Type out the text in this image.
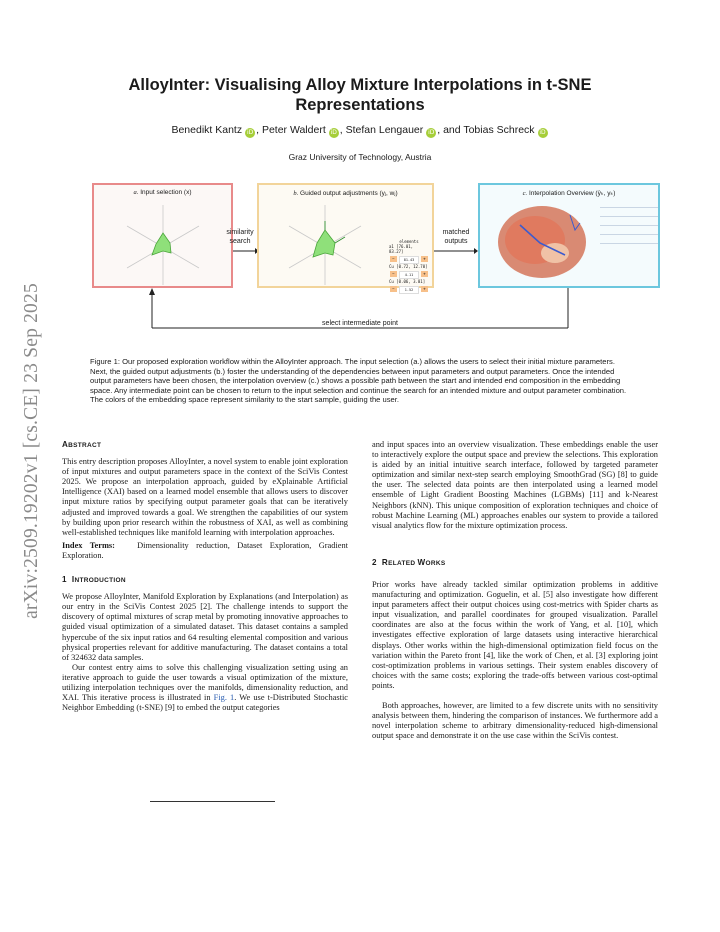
arXiv:2509.19202v1 [cs.CE] 23 Sep 2025
AlloyInter: Visualising Alloy Mixture Interpolations in t-SNE Representations
Benedikt Kantz iD , Peter Waldert iD , Stefan Lengauer iD , and Tobias Schreck iD
Graz University of Technology, Austria
a. Input selection (x)
similarity
search
b. Guided output adjustments (yⱼ, wⱼ)
elements
a1 [76.01, 83.27]
−	81.43	+
Cu [0.72, 12.70]
−	4.11	+
Cu [0.06, 3.01]
−	1.52	+
matched
outputs
c. Interpolation Overview (ŷₖ, yₖ)
select intermediate point
Figure 1: Our proposed exploration workflow within the AlloyInter approach. The input selection (a.) allows the users to select their initial mixture parameters. Next, the guided output adjustments (b.) foster the understanding of the dependencies between input parameters and output parameters. Once the intended output parameters have been chosen, the interpolation overview (c.) shows a possible path between the start and intended end composition in the embedding space. Any intermediate point can be chosen to return to the input selection and continue the search for an intended mixture and output parameter combination. The colors of the embedding space represent similarity to the start sample, guiding the user.
ABSTRACT

This entry description proposes AlloyInter, a novel system to enable joint exploration of input mixtures and output parameters space in the context of the SciVis Contest 2025. We propose an interpolation approach, guided by eXplainable Artificial Intelligence (XAI) based on a learned model ensemble that allows users to discover input mixture ratios by specifying output parameter goals that can be iteratively adjusted and improved towards a goal. We strengthen the capabilities of our system by building upon prior research within the robustness of XAI, as well as combining well-established techniques like manifold learning with interpolation approaches.

Index Terms:	Dimensionality reduction, Dataset Exploration, Gradient Exploration.

1 INTRODUCTION

We propose AlloyInter, Manifold Exploration by Explanations (and Interpolation) as our entry in the SciVis Contest 2025 [2]. The challenge intends to support the discovery of optimal mixtures of scrap metal by promoting innovative approaches to guided visual optimization of a simulated dataset. This dataset contains a sampled hypercube of the six input ratios and 64 resulting elemental composition and various physical properties relevant for additive manufacturing. The dataset contains a total of 324632 data samples.

Our contest entry aims to solve this challenging visualization setting using an iterative approach to guide the user towards a visual optimization of the mixture, utilizing interpolation techniques over the manifolds, dimensionality reduction, and XAI. This iterative process is illustrated in Fig. 1. We use t-Distributed Stochastic Neighbor Embedding (t-SNE) [9] to embed the output categories

and input spaces into an overview visualization. These embeddings enable the user to interactively explore the output space and preview the selections. This exploration is aided by an initial intuitive search interface, followed by targeted parameter optimization and similar next-step search employing SmoothGrad (SG) [8] to guide the user. The selected data points are then interpolated using a learned model ensemble of Light Gradient Boosting Machines (LGBMs) [11] and k-Nearest Neighbors (kNN). This unique composition of exploration techniques and choice of robust Machine Learning (ML) approaches enables our system to provide a tailored visual analytics flow for the mixture optimization process.

2 RELATED WORKS

Prior works have already tackled similar optimization problems in additive manufacturing and optimization. Goguelin, et al. [5] also investigate how different input parameters affect their output choices using cost-metrics with Spider charts as input visualization, and parallel coordinates for grouped visualization. Parallel coordinates are also at the focus within the work of Yang, et al. [10], which investigates effective exploration of large datasets using interactive hierarchical displays. Other works within the high-dimensional optimization field focus on the variation within the Pareto front [4], like the work of Chen, et al. [3] exploring joint cost-optimization problems in various settings. Their system enables discovery of choices with the same costs; exploring the trade-offs between various cost-optimal points.

Both approaches, however, are limited to a few discrete units with no sensitivity analysis between them, hindering the comparison of instances. We furthermore add a novel interpolation scheme to arbitrary dimensionality-reduced high-dimensional output space and demonstrate it on the use case within the SciVis contest.
